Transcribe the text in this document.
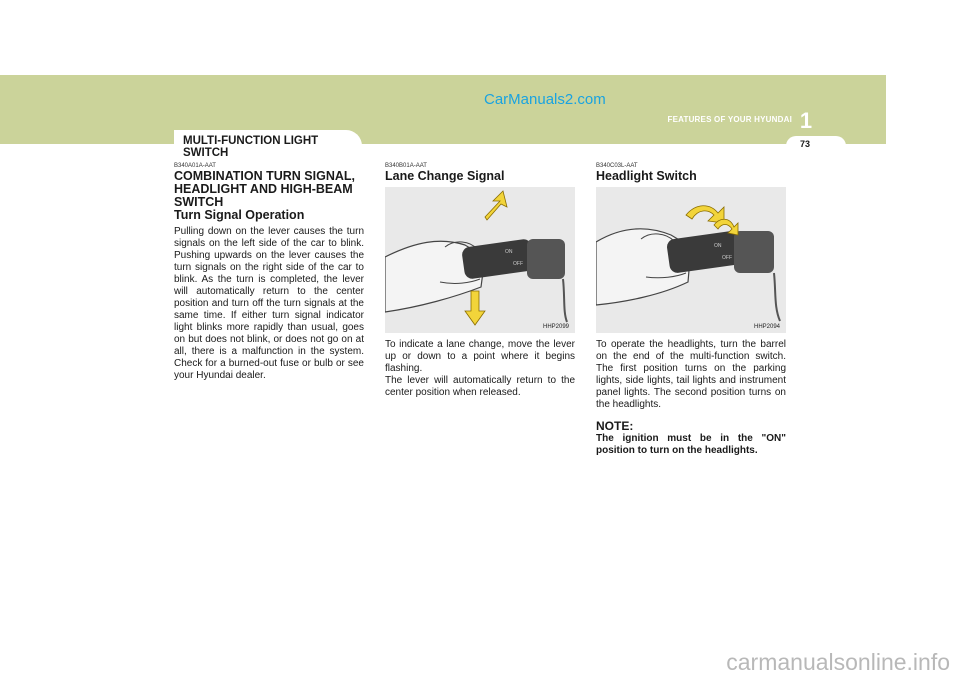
CarManuals2.com
1
FEATURES OF YOUR HYUNDAI
73
MULTI-FUNCTION LIGHT SWITCH

B340A01A-AAT

COMBINATION TURN SIGNAL, HEADLIGHT AND HIGH-BEAM SWITCH

Turn Signal Operation

Pulling down on the lever causes the turn signals on the left side of the car to blink. Pushing upwards on the lever causes the turn signals on the right side of the car to blink. As the turn is completed, the lever will automatically return to the center position and turn off the turn signals at the same time. If either turn signal indicator light blinks more rapidly than usual, goes on but does not blink, or does not go on at all, there is a malfunction in the system. Check for a burned-out fuse or bulb or see your Hyundai dealer.

B340B01A-AAT

Lane Change Signal

ON
OFF
HHP2099

To indicate a lane change, move the lever up or down to a point where it begins flashing.
The lever will automatically return to the center position when released.

B340C03L-AAT

Headlight Switch

ON
OFF
HHP2094

To operate the headlights, turn the barrel on the end of the multi-function switch. The first position turns on the parking lights, side lights, tail lights and instrument panel lights. The second position turns on the headlights.

NOTE:

The ignition must be in the "ON" position to turn on the headlights.

carmanualsonline.info
